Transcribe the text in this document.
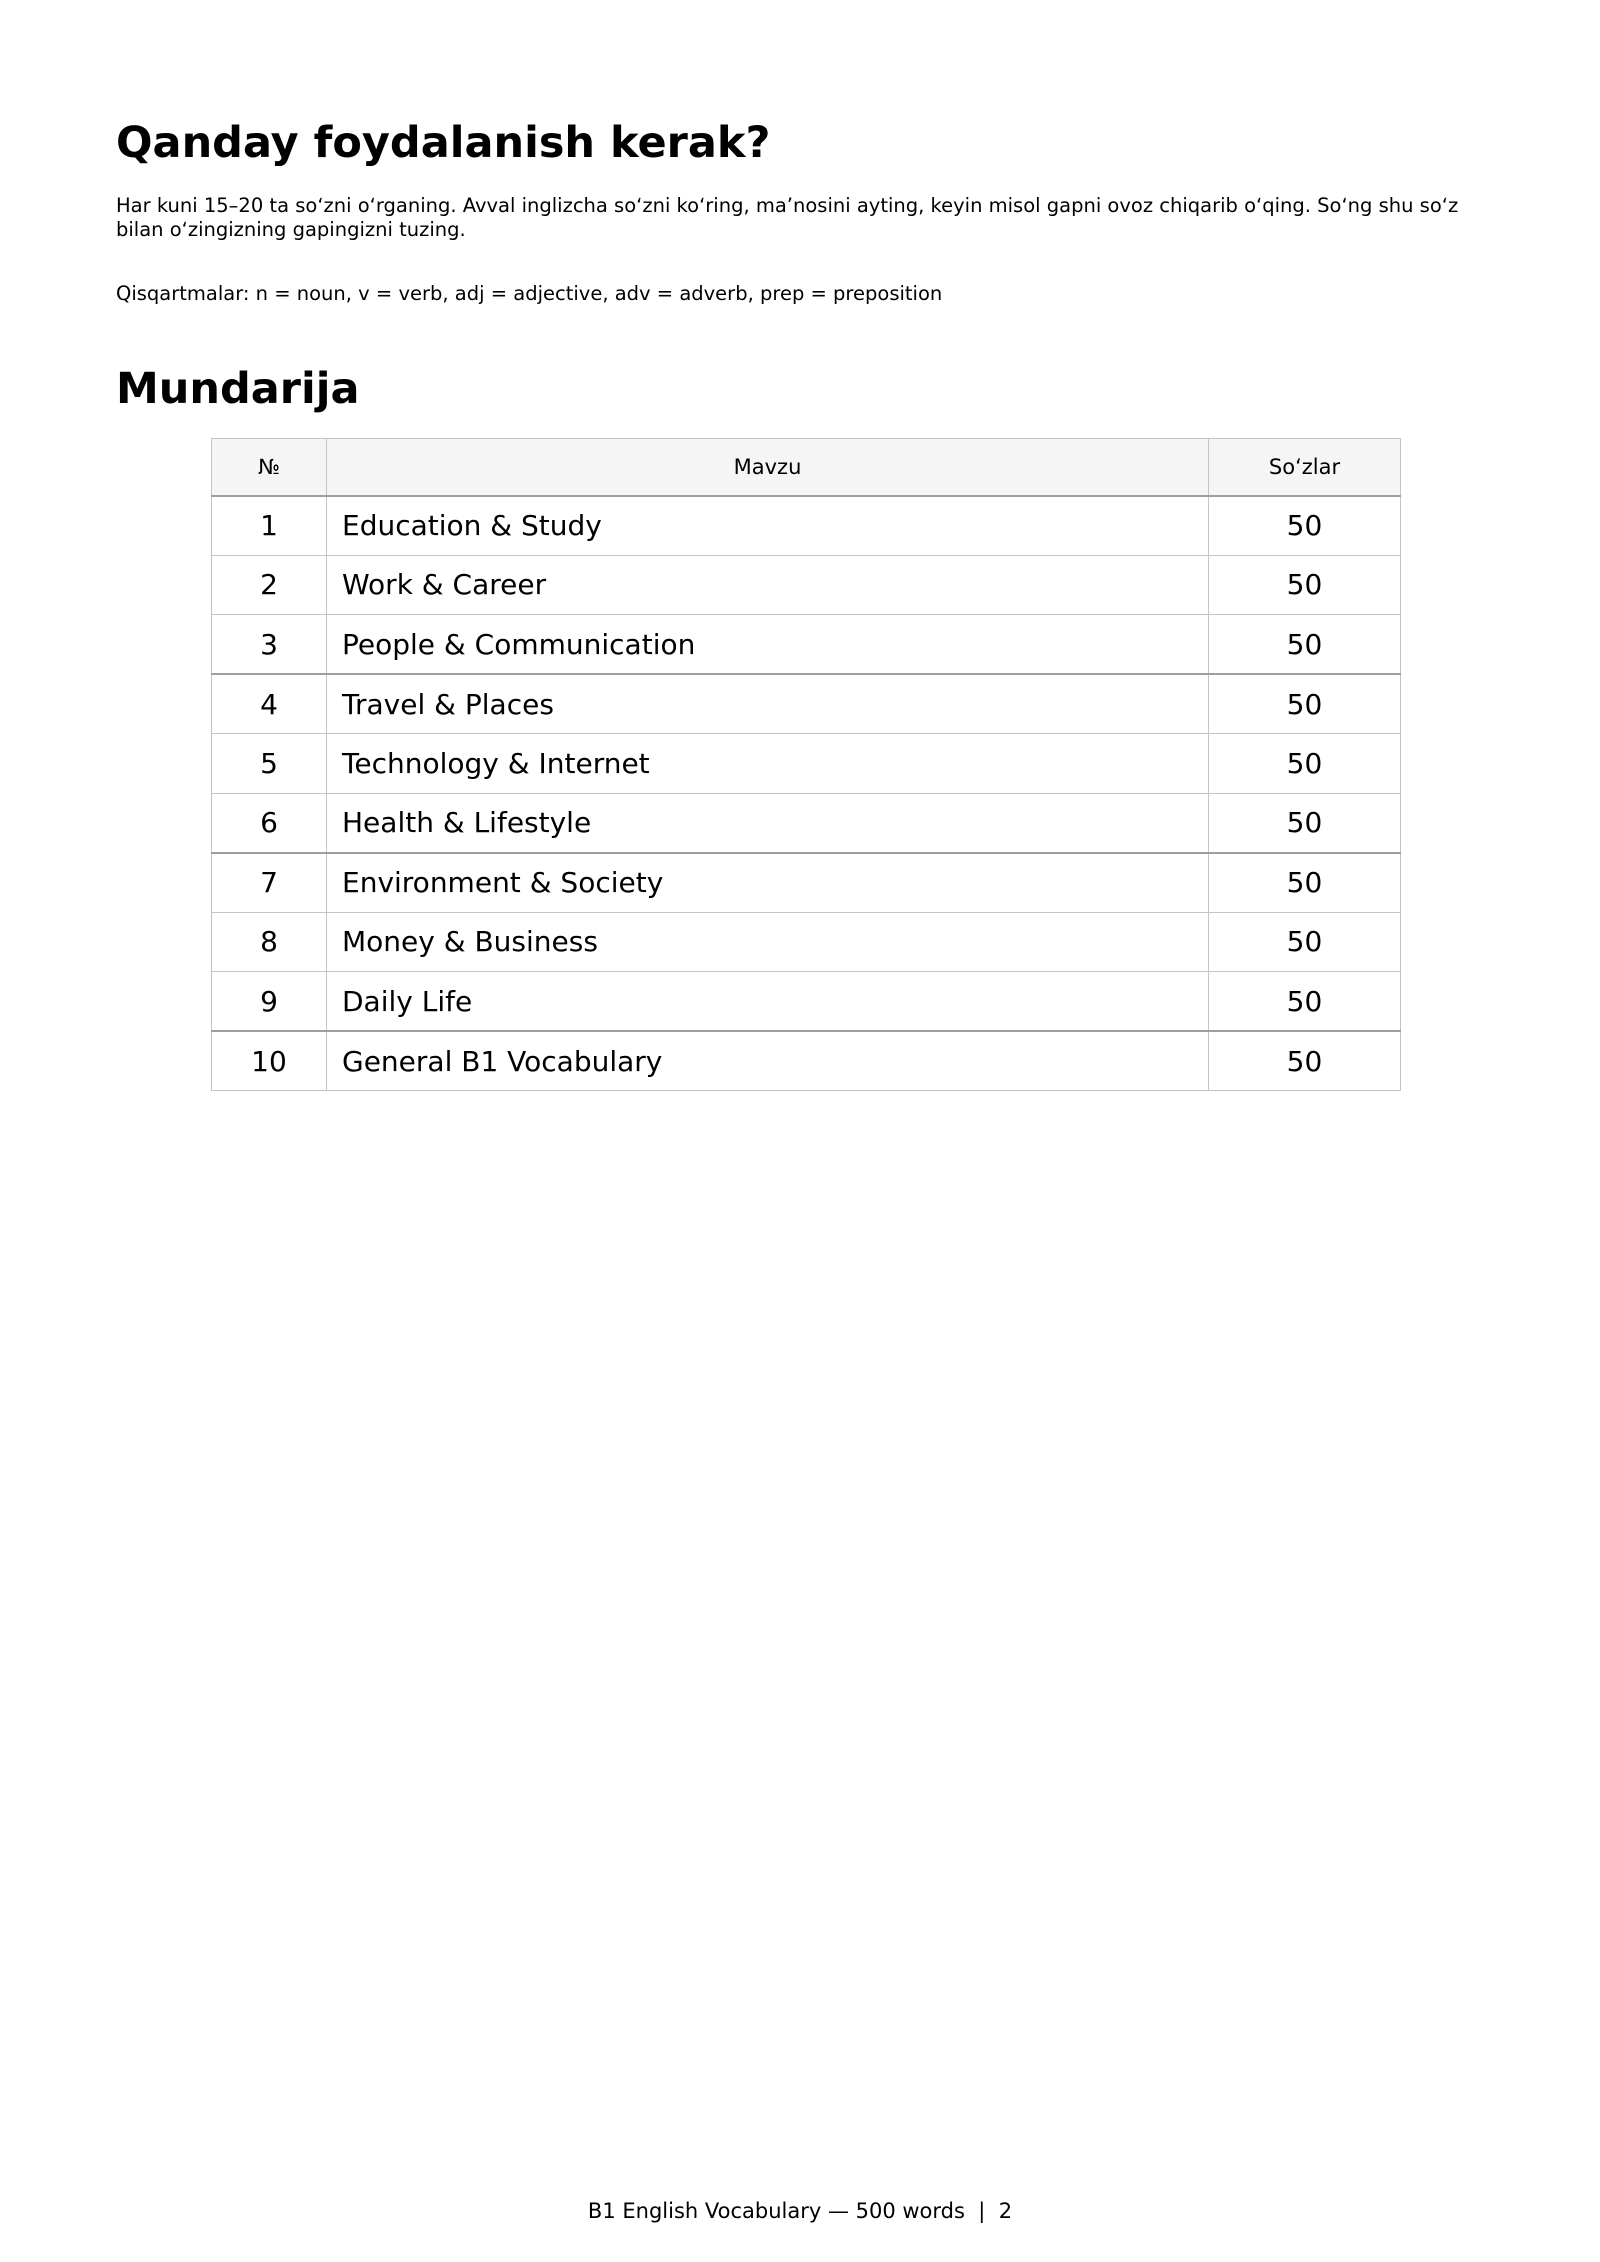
Qanday foydalanish kerak?

Har kuni 15–20 ta soʻzni oʻrganing. Avval inglizcha soʻzni koʻring, maʼnosini ayting, keyin misol gapni ovoz chiqarib oʻqing. Soʻng shu soʻz bilan oʻzingizning gapingizni tuzing.

Qisqartmalar: n = noun, v = verb, adj = adjective, adv = adverb, prep = preposition

Mundarija
№	Mavzu	Soʻzlar
1	Education & Study	50
2	Work & Career	50
3	People & Communication	50
4	Travel & Places	50
5	Technology & Internet	50
6	Health & Lifestyle	50
7	Environment & Society	50
8	Money & Business	50
9	Daily Life	50
10	General B1 Vocabulary	50
B1 English Vocabulary — 500 words  |  2
